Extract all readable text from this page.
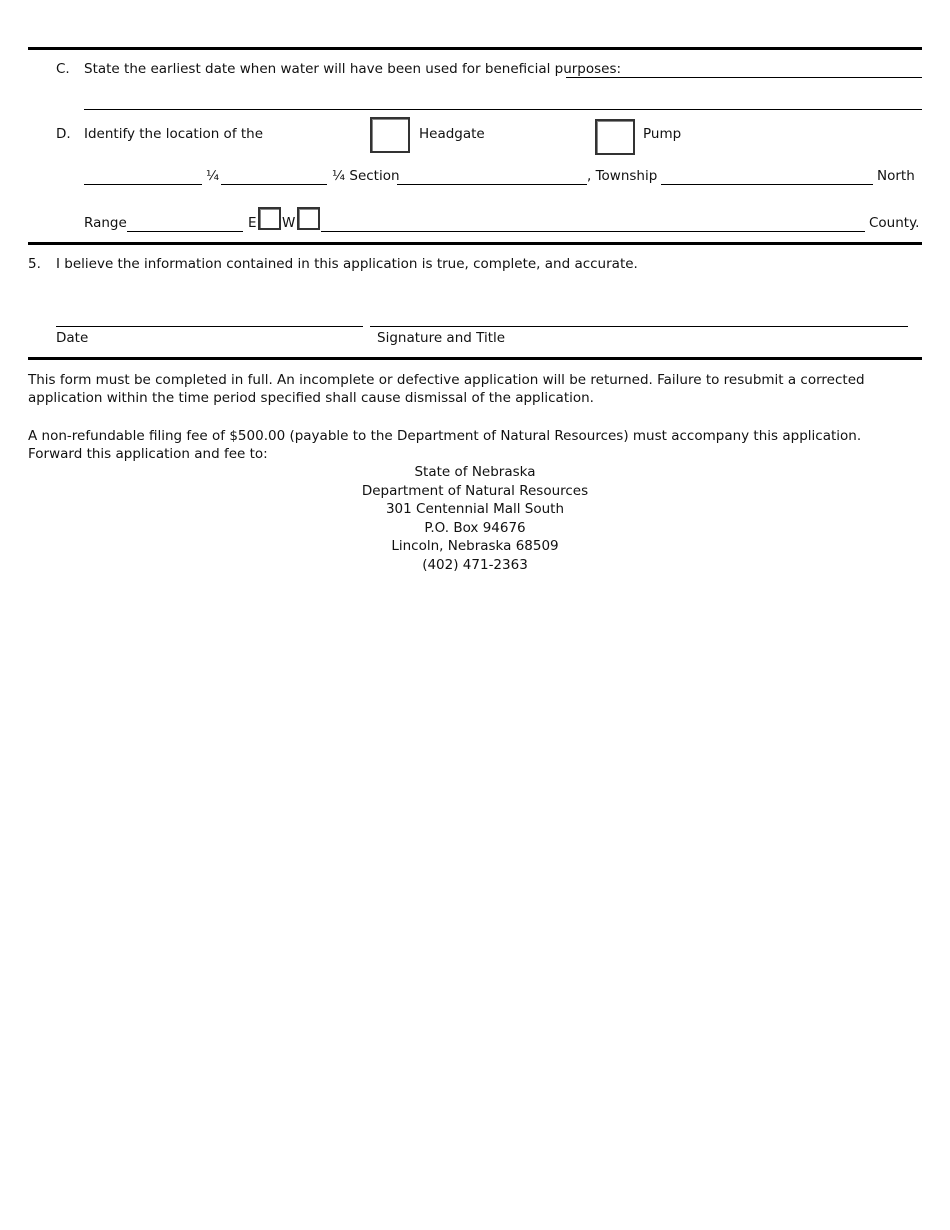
C. State the earliest date when water will have been used for beneficial purposes:
D. Identify the location of the	Headgate	Pump
¼	¼ Section	, Township	North
Range	E W	County.
5. I believe the information contained in this application is true, complete, and accurate.
Date	Signature and Title
This form must be completed in full. An incomplete or defective application will be returned. Failure to resubmit a corrected application within the time period specified shall cause dismissal of the application.
A non-refundable filing fee of $500.00 (payable to the Department of Natural Resources) must accompany this application. Forward this application and fee to:
State of Nebraska
Department of Natural Resources
301 Centennial Mall South
P.O. Box 94676
Lincoln, Nebraska 68509
(402) 471-2363
